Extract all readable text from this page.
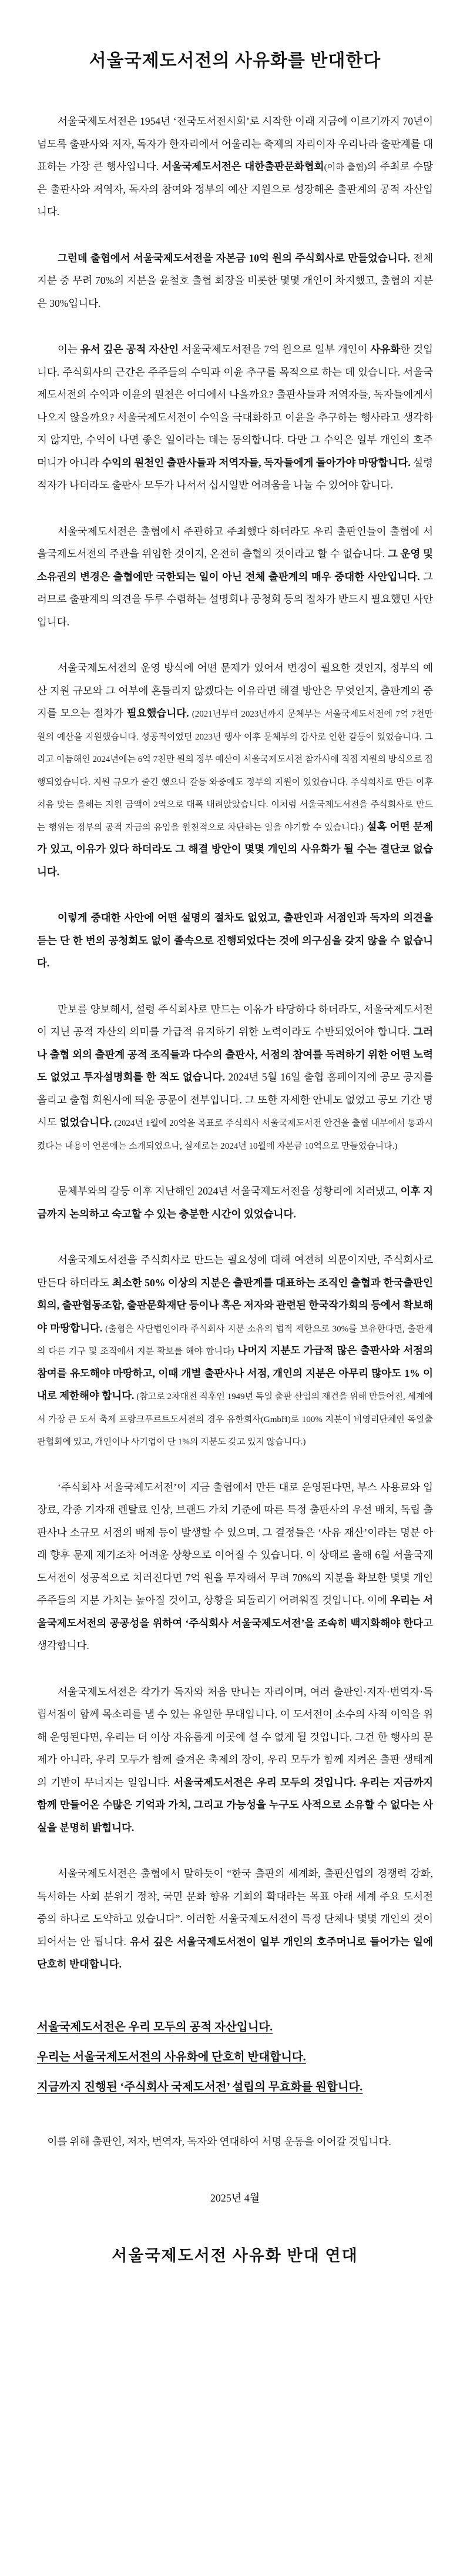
서울국제도서전의 사유화를 반대한다

서울국제도서전은 1954년 ‘전국도서전시회’로 시작한 이래 지금에 이르기까지 70년이 넘도록 출판사와 저자, 독자가 한자리에서 어울리는 축제의 자리이자 우리나라 출판계를 대표하는 가장 큰 행사입니다. 서울국제도서전은 대한출판문화협회(이하 출협)의 주최로 수많은 출판사와 저역자, 독자의 참여와 정부의 예산 지원으로 성장해온 출판계의 공적 자산입니다.

그런데 출협에서 서울국제도서전을 자본금 10억 원의 주식회사로 만들었습니다. 전체 지분 중 무려 70%의 지분을 윤철호 출협 회장을 비롯한 몇몇 개인이 차지했고, 출협의 지분은 30%입니다.

이는 유서 깊은 공적 자산인 서울국제도서전을 7억 원으로 일부 개인이 사유화한 것입니다. 주식회사의 근간은 주주들의 수익과 이윤 추구를 목적으로 하는 데 있습니다. 서울국제도서전의 수익과 이윤의 원천은 어디에서 나올까요? 출판사들과 저역자들, 독자들에게서 나오지 않을까요? 서울국제도서전이 수익을 극대화하고 이윤을 추구하는 행사라고 생각하지 않지만, 수익이 나면 좋은 일이라는 데는 동의합니다. 다만 그 수익은 일부 개인의 호주머니가 아니라 수익의 원천인 출판사들과 저역자들, 독자들에게 돌아가야 마땅합니다. 설령 적자가 나더라도 출판사 모두가 나서서 십시일반 어려움을 나눌 수 있어야 합니다.

서울국제도서전은 출협에서 주관하고 주최했다 하더라도 우리 출판인들이 출협에 서울국제도서전의 주관을 위임한 것이지, 온전히 출협의 것이라고 할 수 없습니다. 그 운영 및 소유권의 변경은 출협에만 국한되는 일이 아닌 전체 출판계의 매우 중대한 사안입니다. 그러므로 출판계의 의견을 두루 수렴하는 설명회나 공청회 등의 절차가 반드시 필요했던 사안입니다.

서울국제도서전의 운영 방식에 어떤 문제가 있어서 변경이 필요한 것인지, 정부의 예산 지원 규모와 그 여부에 흔들리지 않겠다는 이유라면 해결 방안은 무엇인지, 출판계의 중지를 모으는 절차가 필요했습니다. (2021년부터 2023년까지 문체부는 서울국제도서전에 7억 7천만 원의 예산을 지원했습니다. 성공적이었던 2023년 행사 이후 문체부의 감사로 인한 갈등이 있었습니다. 그리고 이듬해인 2024년에는 6억 7천만 원의 정부 예산이 서울국제도서전 참가사에 직접 지원의 방식으로 집행되었습니다. 지원 규모가 줄긴 했으나 갈등 와중에도 정부의 지원이 있었습니다. 주식회사로 만든 이후 처음 맞는 올해는 지원 금액이 2억으로 대폭 내려앉았습니다. 이처럼 서울국제도서전을 주식회사로 만드는 행위는 정부의 공적 자금의 유입을 원천적으로 차단하는 일을 야기할 수 있습니다.) 설혹 어떤 문제가 있고, 이유가 있다 하더라도 그 해결 방안이 몇몇 개인의 사유화가 될 수는 결단코 없습니다.

이렇게 중대한 사안에 어떤 설명의 절차도 없었고, 출판인과 서점인과 독자의 의견을 듣는 단 한 번의 공청회도 없이 졸속으로 진행되었다는 것에 의구심을 갖지 않을 수 없습니다.

만보를 양보해서, 설령 주식회사로 만드는 이유가 타당하다 하더라도, 서울국제도서전이 지닌 공적 자산의 의미를 가급적 유지하기 위한 노력이라도 수반되었어야 합니다. 그러나 출협 외의 출판계 공적 조직들과 다수의 출판사, 서점의 참여를 독려하기 위한 어떤 노력도 없었고 투자설명회를 한 적도 없습니다. 2024년 5월 16일 출협 홈페이지에 공모 공지를 올리고 출협 회원사에 띄운 공문이 전부입니다. 그 또한 자세한 안내도 없었고 공모 기간 명시도 없었습니다. (2024년 1월에 20억을 목표로 주식회사 서울국제도서전 안건을 출협 내부에서 통과시켰다는 내용이 언론에는 소개되었으나, 실제로는 2024년 10월에 자본금 10억으로 만들었습니다.)

문체부와의 갈등 이후 지난해인 2024년 서울국제도서전을 성황리에 치러냈고, 이후 지금까지 논의하고 숙고할 수 있는 충분한 시간이 있었습니다.

서울국제도서전을 주식회사로 만드는 필요성에 대해 여전히 의문이지만, 주식회사로 만든다 하더라도 최소한 50% 이상의 지분은 출판계를 대표하는 조직인 출협과 한국출판인회의, 출판협동조합, 출판문화재단 등이나 혹은 저자와 관련된 한국작가회의 등에서 확보해야 마땅합니다. (출협은 사단법인이라 주식회사 지분 소유의 법적 제한으로 30%를 보유한다면, 출판계의 다른 기구 및 조직에서 지분 확보를 해야 합니다) 나머지 지분도 가급적 많은 출판사와 서점의 참여를 유도해야 마땅하고, 이때 개별 출판사나 서점, 개인의 지분은 아무리 많아도 1% 이내로 제한해야 합니다. (참고로 2차대전 직후인 1949년 독일 출판 산업의 재건을 위해 만들어진, 세계에서 가장 큰 도서 축제 프랑크푸르트도서전의 경우 유한회사(GmbH)로 100% 지분이 비영리단체인 독일출판협회에 있고, 개인이나 사기업이 단 1%의 지분도 갖고 있지 않습니다.)

‘주식회사 서울국제도서전’이 지금 출협에서 만든 대로 운영된다면, 부스 사용료와 입장료, 각종 기자재 렌탈료 인상, 브랜드 가치 기준에 따른 특정 출판사의 우선 배치, 독립 출판사나 소규모 서점의 배제 등이 발생할 수 있으며, 그 결정들은 ‘사유 재산’이라는 명분 아래 향후 문제 제기조차 어려운 상황으로 이어질 수 있습니다. 이 상태로 올해 6월 서울국제도서전이 성공적으로 치러진다면 7억 원을 투자해서 무려 70%의 지분을 확보한 몇몇 개인 주주들의 지분 가치는 높아질 것이고, 상황을 되돌리기 어려워질 것입니다. 이에 우리는 서울국제도서전의 공공성을 위하여 ‘주식회사 서울국제도서전’을 조속히 백지화해야 한다고 생각합니다.

서울국제도서전은 작가가 독자와 처음 만나는 자리이며, 여러 출판인·저자·번역자·독립서점이 함께 목소리를 낼 수 있는 유일한 무대입니다. 이 도서전이 소수의 사적 이익을 위해 운영된다면, 우리는 더 이상 자유롭게 이곳에 설 수 없게 될 것입니다. 그건 한 행사의 문제가 아니라, 우리 모두가 함께 즐겨온 축제의 장이, 우리 모두가 함께 지켜온 출판 생태계의 기반이 무너지는 일입니다. 서울국제도서전은 우리 모두의 것입니다. 우리는 지금까지 함께 만들어온 수많은 기억과 가치, 그리고 가능성을 누구도 사적으로 소유할 수 없다는 사실을 분명히 밝힙니다.

서울국제도서전은 출협에서 말하듯이 “한국 출판의 세계화, 출판산업의 경쟁력 강화, 독서하는 사회 분위기 정착, 국민 문화 향유 기회의 확대라는 목표 아래 세계 주요 도서전 중의 하나로 도약하고 있습니다”. 이러한 서울국제도서전이 특정 단체나 몇몇 개인의 것이 되어서는 안 됩니다. 유서 깊은 서울국제도서전이 일부 개인의 호주머니로 들어가는 일에 단호히 반대합니다.

서울국제도서전은 우리 모두의 공적 자산입니다.

우리는 서울국제도서전의 사유화에 단호히 반대합니다.

지금까지 진행된 ‘주식회사 국제도서전’ 설립의 무효화를 원합니다.

이를 위해 출판인, 저자, 번역자, 독자와 연대하여 서명 운동을 이어갈 것입니다.

2025년 4월
서울국제도서전 사유화 반대 연대
